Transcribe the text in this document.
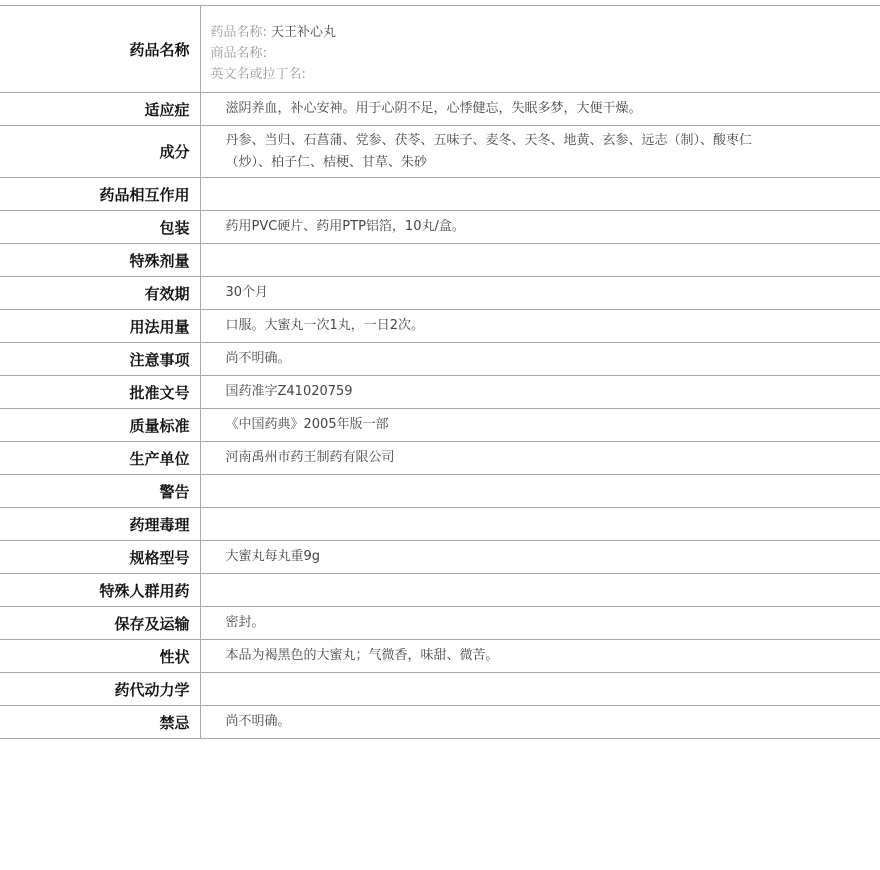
药品名称	药品名称: 天王补心丸
商品名称:
英文名或拉丁名:

适应症	滋阴养血，补心安神。用于心阴不足，心悸健忘，失眠多梦，大便干燥。
成分	丹参、当归、石菖蒲、党参、茯苓、五味子、麦冬、天冬、地黄、玄参、远志（制）、酸枣仁（炒）、柏子仁、桔梗、甘草、朱砂
药品相互作用	
包装	药用PVC硬片、药用PTP铝箔，10丸/盒。
特殊剂量	
有效期	30个月
用法用量	口服。大蜜丸一次1丸，一日2次。
注意事项	尚不明确。
批准文号	国药准字Z41020759
质量标准	《中国药典》2005年版一部
生产单位	河南禹州市药王制药有限公司
警告	
药理毒理	
规格型号	大蜜丸每丸重9g
特殊人群用药	
保存及运输	密封。
性状	本品为褐黑色的大蜜丸；气微香，味甜、微苦。
药代动力学	
禁忌	尚不明确。
